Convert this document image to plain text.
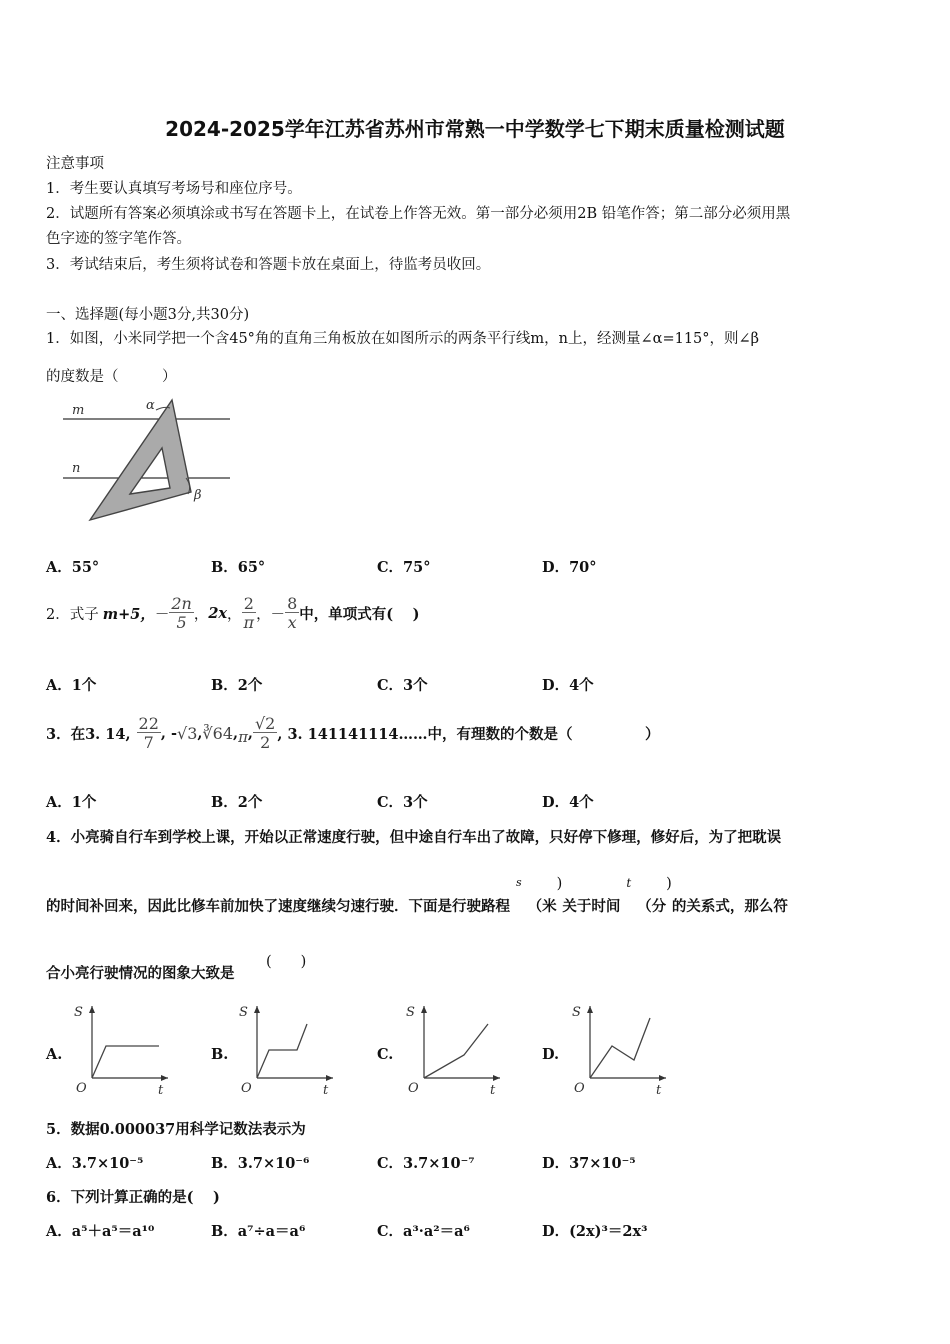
2024-2025学年江苏省苏州市常熟一中学数学七下期末质量检测试题
注意事项
1．考生要认真填写考场号和座位序号。
2．试题所有答案必须填涂或书写在答题卡上，在试卷上作答无效。第一部分必须用2B 铅笔作答；第二部分必须用黑
色字迹的签字笔作答。
3．考试结束后，考生须将试卷和答题卡放在桌面上，待监考员收回。
一、选择题(每小题3分,共30分)
1．如图，小米同学把一个含45°角的直角三角板放在如图所示的两条平行线m，n上，经测量∠α=115°，则∠β
的度数是（　　　）
m
n
α
β
A．55°	B．65°	C．75°	D．70°
2．式子 m+5， － $\frac{2n}{5}$ ， 2x ， $\frac{2}{\pi}$ ，－ $\frac{8}{x}$ 中，单项式有(　 )
A．1个	B．2个	C．3个	D．4个
3．在3. 14, $\frac{22}{7}$ , - √3 , ∛64 , π , $\frac{√2}{2}$ , 3. 141141114……中，有理数的个数是（　　　　　）
A．1个	B．2个	C．3个	D．4个
4．小亮骑自行车到学校上课，开始以正常速度行驶，但中途自行车出了故障，只好停下修理，修好后，为了把耽误
的时间补回来，因此比修车前加快了速度继续匀速行驶．下面是行驶路程
s
（米
)
关于时间
t
（分
)
的关系式，那么符
合小亮行驶情况的图象大致是
(　　)
A.	B.	C.	D.
S
O	t
S
O	t
S
O	t
S
O	t
5．数据0.000037用科学记数法表示为
A．3.7×10⁻⁵	B．3.7×10⁻⁶	C．3.7×10⁻⁷	D．37×10⁻⁵
6．下列计算正确的是(　 )
A．a⁵＋a⁵＝a¹⁰	B．a⁷÷a＝a⁶	C．a³·a²＝a⁶	D．(2x)³＝2x³
